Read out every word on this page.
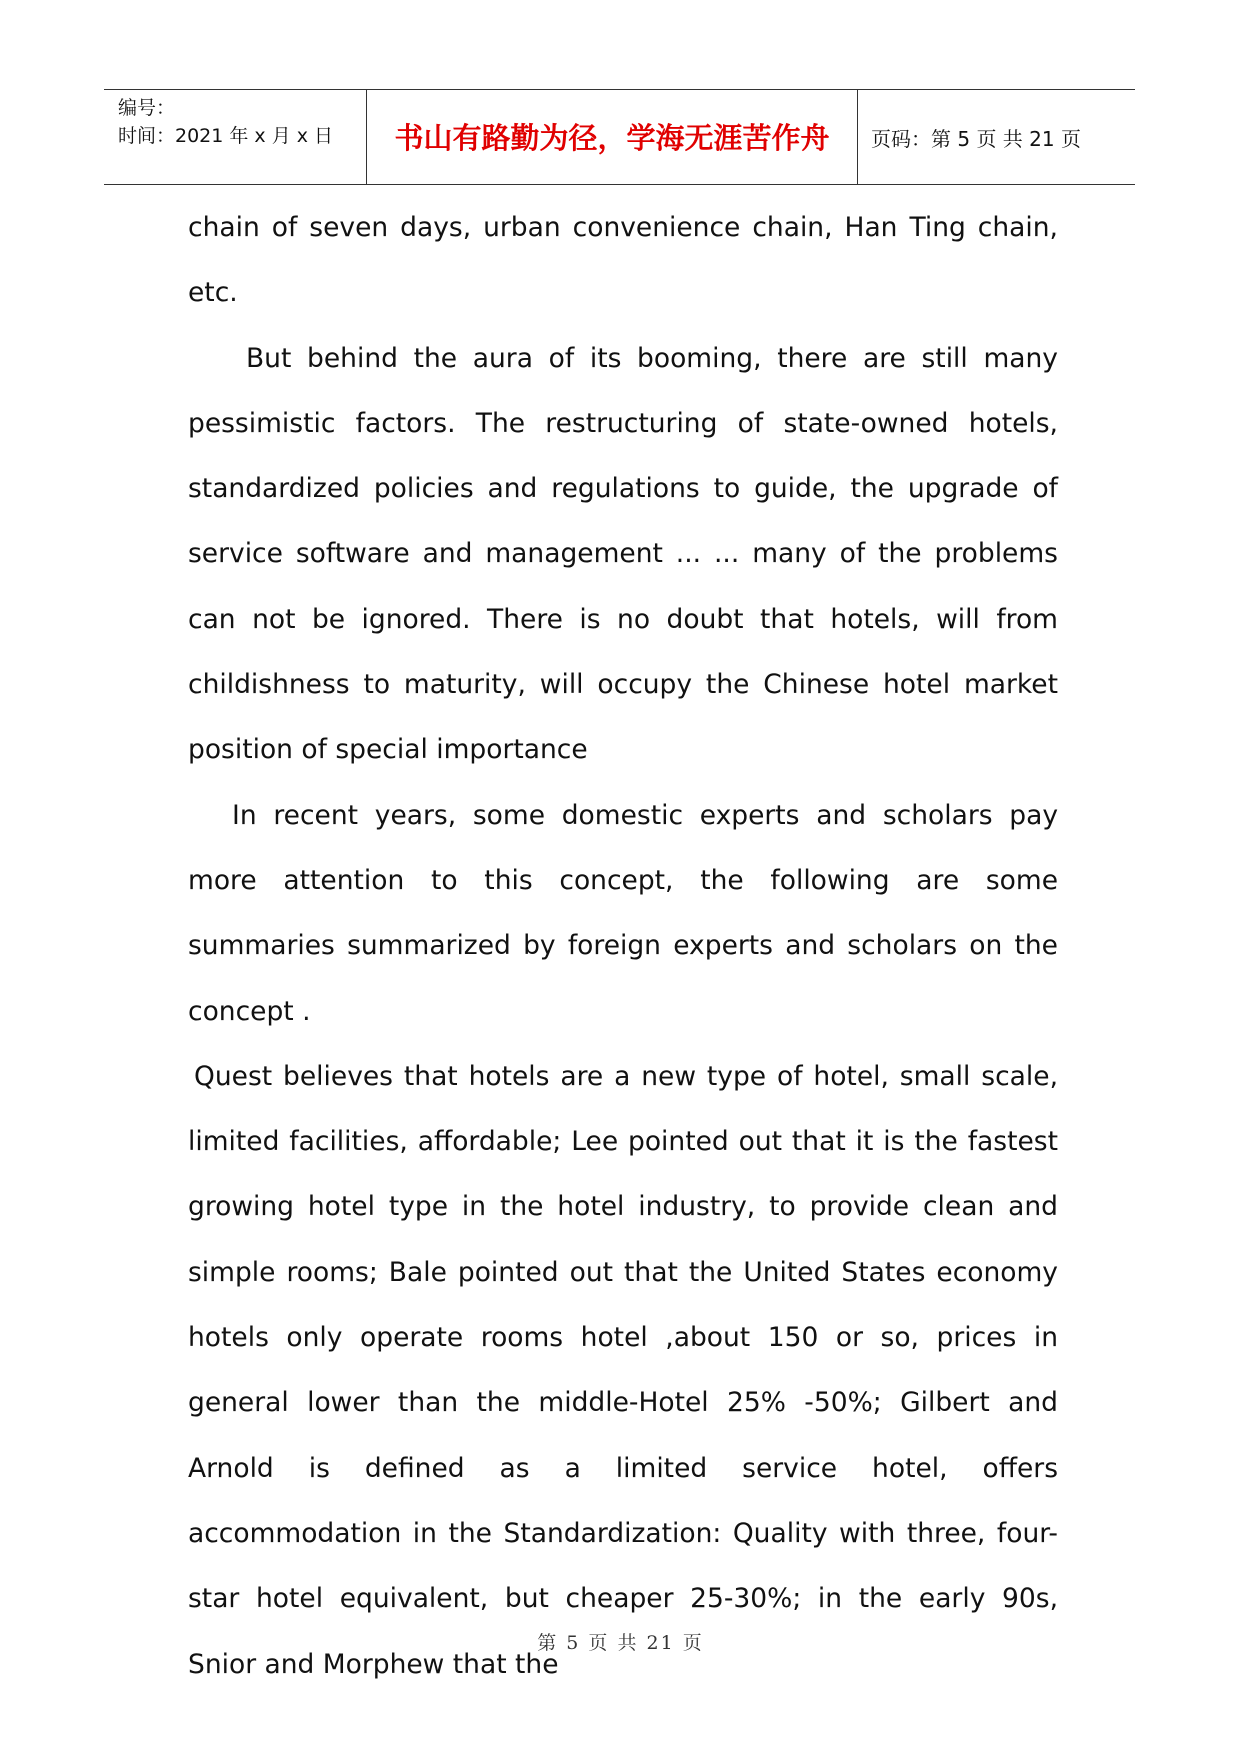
编号：
时间：2021 年 x 月 x 日	书山有路勤为径，学海无涯苦作舟	页码：第 5 页 共 21 页

chain of seven days, urban convenience chain, Han Ting chain, etc.

But behind the aura of its booming, there are still many pessimistic factors. The restructuring of state-owned hotels, standardized policies and regulations to guide, the upgrade of service software and management ... ... many of the problems can not be ignored. There is no doubt that hotels, will from childishness to maturity, will occupy the Chinese hotel market position of special importance

In recent years, some domestic experts and scholars pay more attention to this concept, the following are some summaries summarized by foreign experts and scholars on the concept .

Quest believes that hotels are a new type of hotel, small scale, limited facilities, affordable; Lee pointed out that it is the fastest growing hotel type in the hotel industry, to provide clean and simple rooms; Bale pointed out that the United States economy hotels only operate rooms hotel ,about 150 or so, prices in general lower than the middle-Hotel 25% -50%; Gilbert and Arnold is defined as a limited service hotel, offers accommodation in the Standardization: Quality with three, four-star hotel equivalent, but cheaper 25-30%; in the early 90s, Snior and Morphew that the

第 5 页 共 21 页
